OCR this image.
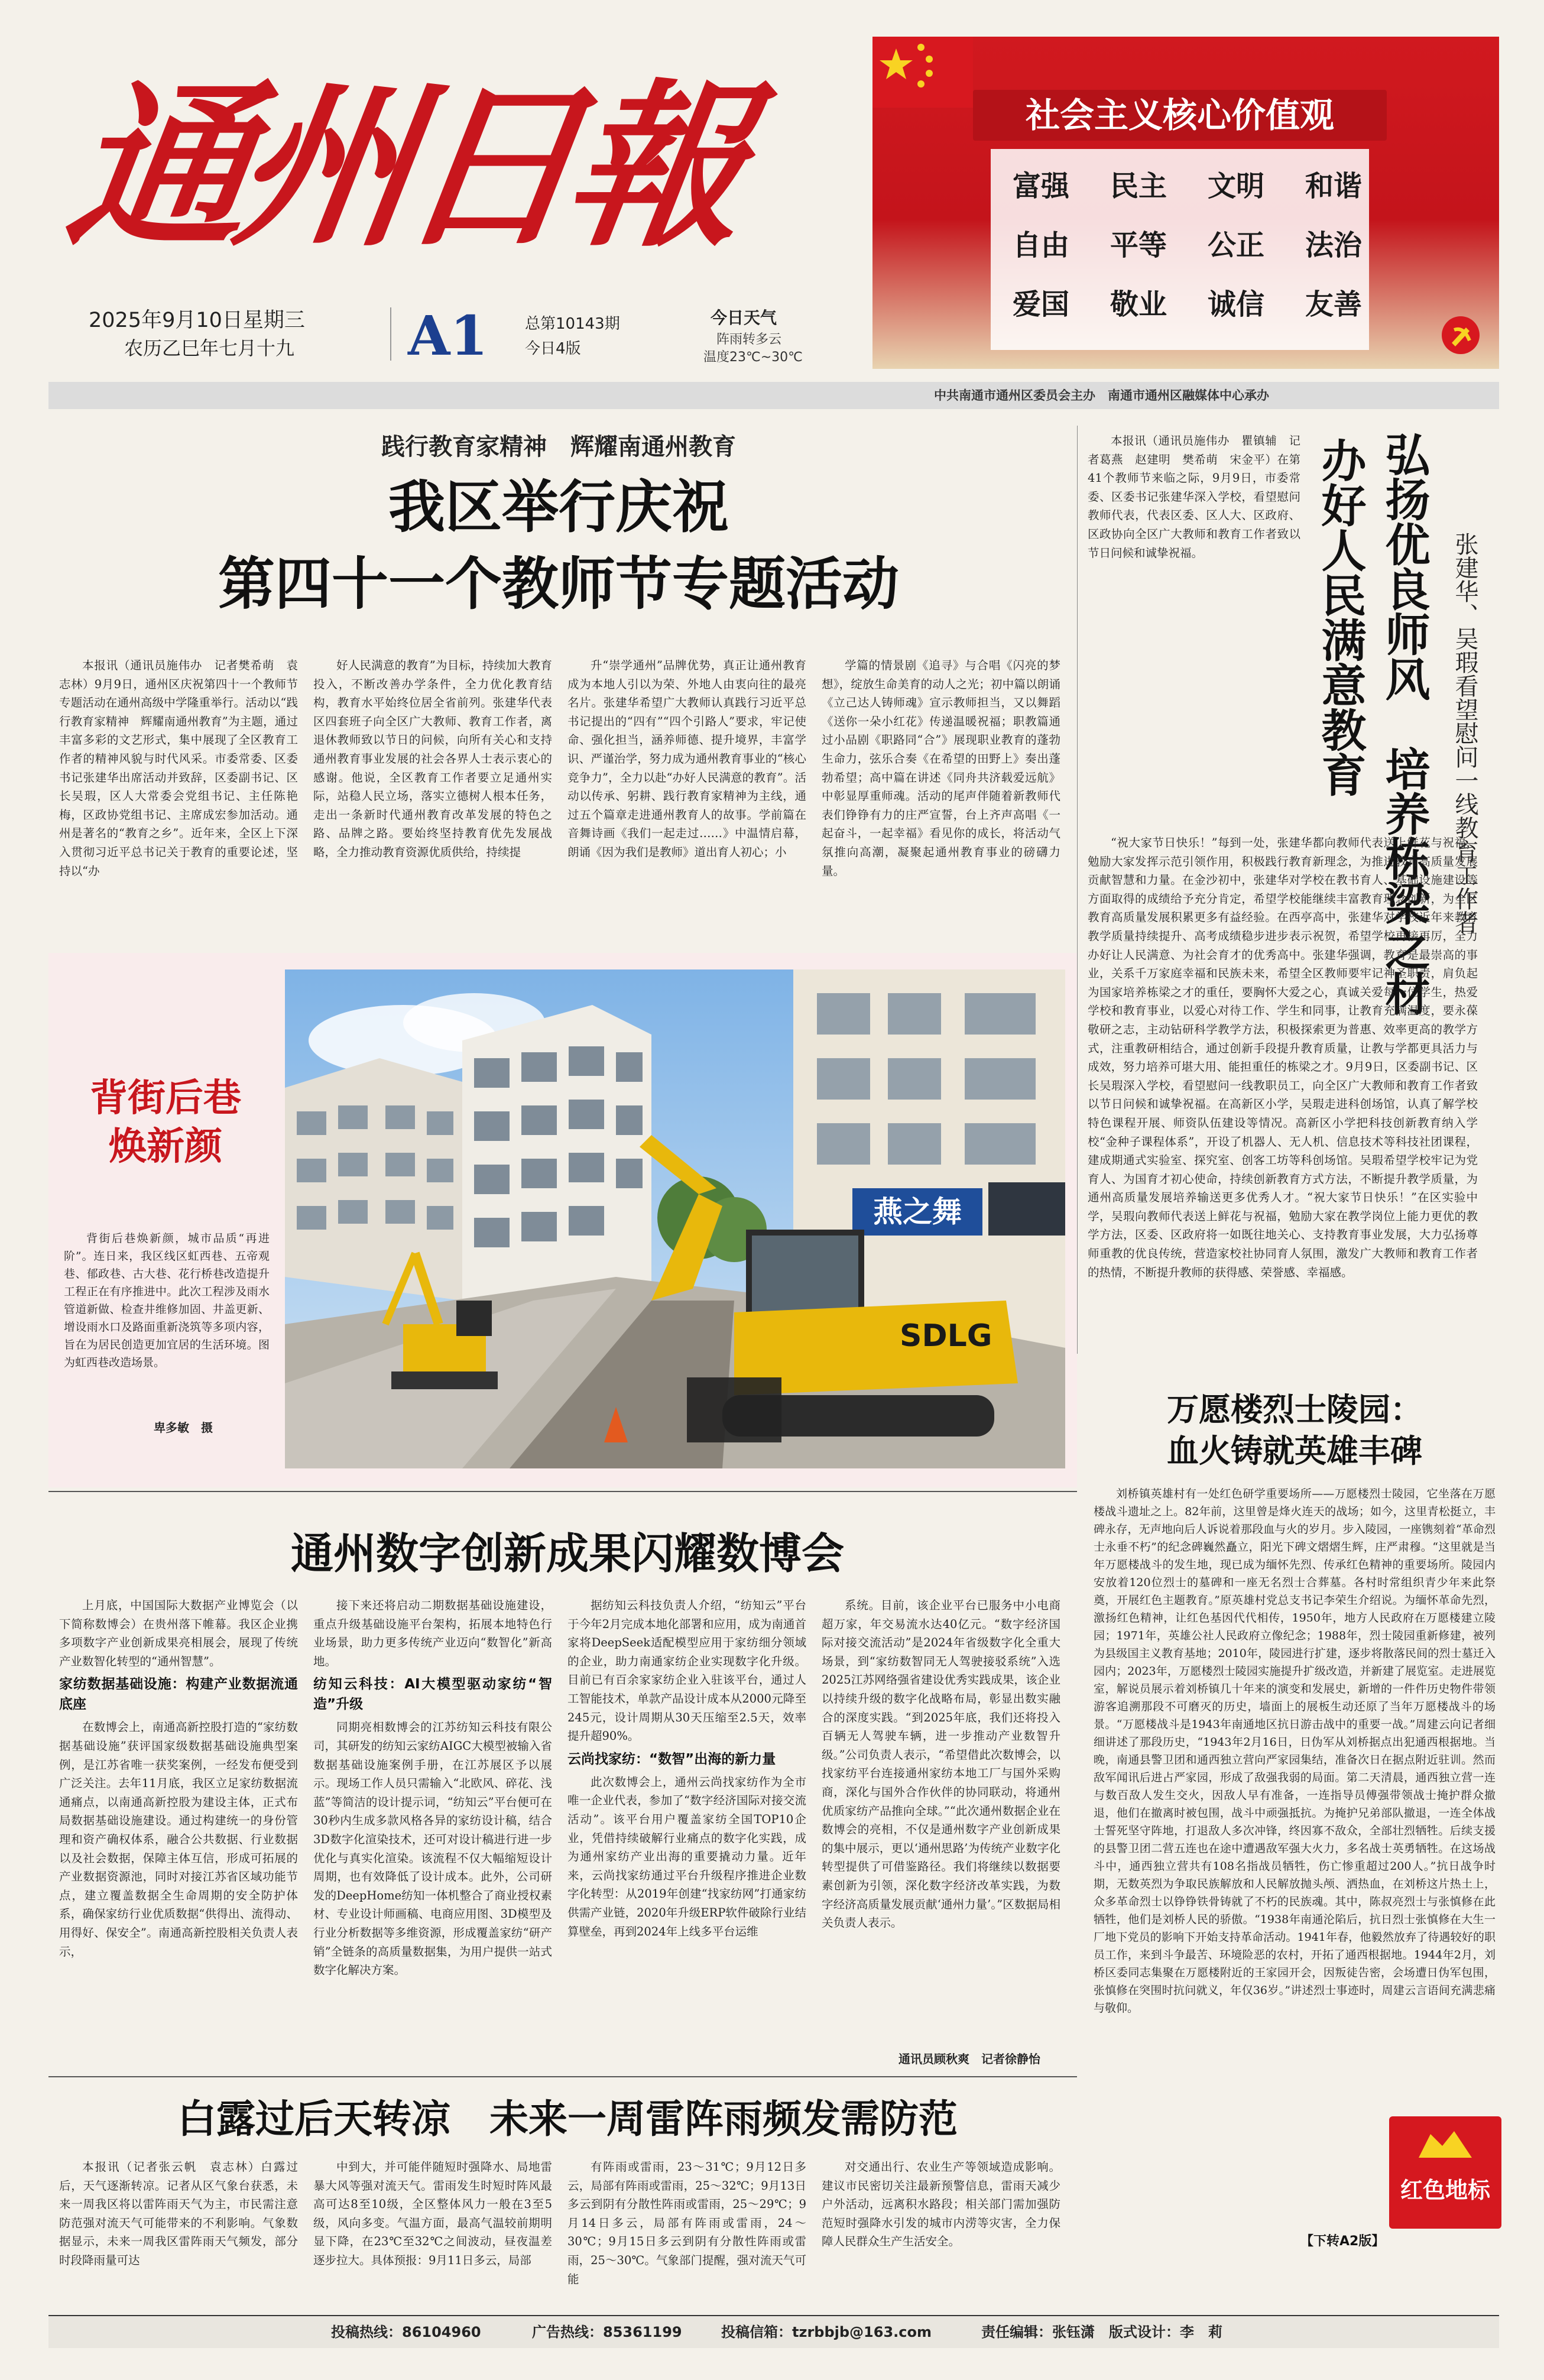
通州日報
2025年9月10日星期三
农历乙巳年七月十九 A1 总第10143期
今日4版
今日天气
阵雨转多云
温度23℃~30℃
社会主义核心价值观
富强	民主	文明	和谐
自由	平等	公正	法治
爱国	敬业	诚信	友善
中共南通市通州区委员会主办　南通市通州区融媒体中心承办
践行教育家精神　辉耀南通州教育
我区举行庆祝
第四十一个教师节专题活动

本报讯（通讯员施伟办　记者樊希萌　袁志林）9月9日，通州区庆祝第四十一个教师节专题活动在通州高级中学隆重举行。活动以“践行教育家精神　辉耀南通州教育”为主题，通过丰富多彩的文艺形式，集中展现了全区教育工作者的精神风貌与时代风采。市委常委、区委书记张建华出席活动并致辞，区委副书记、区长吴瑕，区人大常委会党组书记、主任陈艳梅，区政协党组书记、主席成宏参加活动。通州是著名的“教育之乡”。近年来，全区上下深入贯彻习近平总书记关于教育的重要论述，坚持以“办

好人民满意的教育”为目标，持续加大教育投入，不断改善办学条件，全力优化教育结构，教育水平始终位居全省前列。张建华代表区四套班子向全区广大教师、教育工作者，离退休教师致以节日的问候，向所有关心和支持通州教育事业发展的社会各界人士表示衷心的感谢。他说，全区教育工作者要立足通州实际，站稳人民立场，落实立德树人根本任务，走出一条新时代通州教育改革发展的特色之路、品牌之路。要始终坚持教育优先发展战略，全力推动教育资源优质供给，持续提

升“崇学通州”品牌优势，真正让通州教育成为本地人引以为荣、外地人由衷向往的最亮名片。张建华希望广大教师认真践行习近平总书记提出的“四有”“四个引路人”要求，牢记使命、强化担当，涵养师德、提升境界，丰富学识、严谨治学，努力成为通州教育事业的“核心竞争力”，全力以赴“办好人民满意的教育”。活动以传承、躬耕、践行教育家精神为主线，通过五个篇章走进通州教育人的故事。学前篇在音舞诗画《我们一起走过……》中温情启幕，朗诵《因为我们是教师》道出育人初心；小

学篇的情景剧《追寻》与合唱《闪亮的梦想》，绽放生命美育的动人之光；初中篇以朗诵《立己达人铸师魂》宣示教师担当，又以舞蹈《送你一朵小红花》传递温暖祝福；职教篇通过小品剧《职路同“合”》展现职业教育的蓬勃生命力，弦乐合奏《在希望的田野上》奏出蓬勃希望；高中篇在讲述《同舟共济载爱远航》中彰显厚重师魂。活动的尾声伴随着新教师代表们铮铮有力的庄严宣誓，台上齐声高唱《一起奋斗，一起幸福》看见你的成长，将活动气氛推向高潮，凝聚起通州教育事业的磅礴力量。	弘扬优良师风　培养栋梁之材
办好人民满意教育	张建华、吴瑕看望慰问一线教育工作者

本报讯（通讯员施伟办　瞿镇辅　记者葛燕　赵建明　樊希萌　宋金平）在第41个教师节来临之际，9月9日，市委常委、区委书记张建华深入学校，看望慰问教师代表，代表区委、区人大、区政府、区政协向全区广大教师和教育工作者致以节日问候和诚挚祝福。

“祝大家节日快乐！”每到一处，张建华都向教师代表送上鲜花与祝福，勉励大家发挥示范引领作用，积极践行教育新理念，为推进教育高质量发展贡献智慧和力量。在金沙初中，张建华对学校在教书育人、基础设施建设等方面取得的成绩给予充分肯定，希望学校能继续丰富教育理念创新，为全区教育高质量发展积累更多有益经验。在西亭高中，张建华对学校近年来教育教学质量持续提升、高考成绩稳步进步表示祝贺，希望学校再接再厉，全力办好让人民满意、为社会育才的优秀高中。张建华强调，教育是最崇高的事业，关系千万家庭幸福和民族未来，希望全区教师要牢记神圣职责，肩负起为国家培养栋梁之才的重任，要胸怀大爱之心，真诚关爱每一位学生，热爱学校和教育事业，以爱心对待工作、学生和同事，让教育充满温度，要永葆敬研之志，主动钻研科学教学方法，积极探索更为普惠、效率更高的教学方式，注重教研相结合，通过创新手段提升教育质量，让教与学都更具活力与成效，努力培养可堪大用、能担重任的栋梁之才。9月9日，区委副书记、区长吴瑕深入学校，看望慰问一线教职员工，向全区广大教师和教育工作者致以节日问候和诚挚祝福。在高新区小学，吴瑕走进科创场馆，认真了解学校特色课程开展、师资队伍建设等情况。高新区小学把科技创新教育纳入学校“金种子课程体系”，开设了机器人、无人机、信息技术等科技社团课程，建成期通式实验室、探究室、创客工坊等科创场馆。吴瑕希望学校牢记为党育人、为国育才初心使命，持续创新教育方式方法，不断提升教学质量，为通州高质量发展培养输送更多优秀人才。“祝大家节日快乐！”在区实验中学，吴瑕向教师代表送上鲜花与祝福，勉励大家在教学岗位上能力更优的教学方法，区委、区政府将一如既往地关心、支持教育事业发展，大力弘扬尊师重教的优良传统，营造家校社协同育人氛围，激发广大教师和教育工作者的热情，不断提升教师的获得感、荣誉感、幸福感。

背街后巷
焕新颜

背街后巷焕新颜，城市品质“再进阶”。连日来，我区线区虹西巷、五帝观巷、郁政巷、古大巷、花行桥巷改造提升工程正在有序推进中。此次工程涉及雨水管道新做、检查井维修加固、井盖更新、增设雨水口及路面重新浇筑等多项内容，旨在为居民创造更加宜居的生活环境。图为虹西巷改造场景。

卑多敏　摄
燕之舞
SDLG
E660F
万愿楼烈士陵园：
血火铸就英雄丰碑

刘桥镇英雄村有一处红色研学重要场所——万愿楼烈士陵园，它坐落在万愿楼战斗遗址之上。82年前，这里曾是烽火连天的战场；如今，这里青松挺立，丰碑永存，无声地向后人诉说着那段血与火的岁月。步入陵园，一座镌刻着“革命烈士永垂不朽”的纪念碑巍然矗立，阳光下碑文熠熠生辉，庄严肃穆。“这里就是当年万愿楼战斗的发生地，现已成为缅怀先烈、传承红色精神的重要场所。陵园内安放着120位烈士的墓碑和一座无名烈士合葬墓。各村时常组织青少年来此祭奠，开展红色主题教育。”原英雄村党总支书记李荣生介绍说。为缅怀革命先烈，激扬红色精神，让红色基因代代相传，1950年，地方人民政府在万愿楼建立陵园；1971年，英雄公社人民政府立像纪念；1988年，烈士陵园重新修建，被列为县级国主义教育基地；2010年，陵园进行扩建，逐步将散落民间的烈士墓迁入园内；2023年，万愿楼烈士陵园实施提升扩级改造，并新建了展览室。走进展览室，解说员展示着刘桥镇几十年来的演变和发展史，新增的一件件历史物件带领游客追溯那段不可磨灭的历史，墙面上的展板生动还原了当年万愿楼战斗的场景。“万愿楼战斗是1943年南通地区抗日游击战中的重要一战。”周建云向记者细细讲述了那段历史，“1943年2月16日，日伪军从刘桥据点出犯通西根据地。当晚，南通县警卫团和通西独立营向严家园集结，准备次日在据点附近驻训。然而敌军闻讯后进占严家园，形成了敌强我弱的局面。第二天清晨，通西独立营一连与数百敌人发生交火，因敌人早有准备，一连指导员傅强带领战士掩护群众撤退，他们在撤离时被包围，战斗中顽强抵抗。为掩护兄弟部队撤退，一连全体战士誓死坚守阵地，打退敌人多次冲锋，终因寡不敌众，全部壮烈牺牲。后续支援的县警卫团二营五连也在途中遭遇敌军强大火力，多名战士英勇牺牲。在这场战斗中，通西独立营共有108名指战员牺牲，伤亡惨重超过200人。”抗日战争时期，无数英烈为争取民族解放和人民解放抛头颅、洒热血，在刘桥这片热土上，众多革命烈士以铮铮铁骨铸就了不朽的民族魂。其中，陈叔亮烈士与张慎修在此牺牲，他们是刘桥人民的骄傲。“1938年南通沦陷后，抗日烈士张慎修在大生一厂地下党员的影响下开始支持革命活动。1941年春，他毅然放弃了待遇较好的职员工作，来到斗争最苦、环境险恶的农村，开拓了通西根据地。1944年2月，刘桥区委同志集聚在万愿楼附近的王家园开会，因叛徒告密，会场遭日伪军包围，张慎修在突围时抗问就义，年仅36岁。”讲述烈士事迹时，周建云言语间充满悲痛与敬仰。

红色地标
【下转A2版】
通州数字创新成果闪耀数博会

上月底，中国国际大数据产业博览会（以下简称数博会）在贵州落下帷幕。我区企业携多项数字产业创新成果亮相展会，展现了传统产业数智化转型的“通州智慧”。

家纺数据基础设施：构建产业数据流通底座

在数博会上，南通高新控股打造的“家纺数据基础设施”获评国家级数据基础设施典型案例，是江苏省唯一获奖案例，一经发布便受到广泛关注。去年11月底，我区立足家纺数据流通痛点，以南通高新控股为建设主体，正式布局数据基础设施建设。通过构建统一的身份管理和资产确权体系，融合公共数据、行业数据以及社会数据，保障主体互信，形成可拓展的产业数据资源池，同时对接江苏省区域功能节点，建立覆盖数据全生命周期的安全防护体系，确保家纺行业优质数据“供得出、流得动、用得好、保安全”。南通高新控股相关负责人表示，

接下来还将启动二期数据基础设施建设，重点升级基础设施平台架构，拓展本地特色行业场景，助力更多传统产业迈向“数智化”新高地。

纺知云科技：AI大模型驱动家纺“智造”升级

同期亮相数博会的江苏纺知云科技有限公司，其研发的纺知云家纺AIGC大模型被输入省数据基础设施案例手册，在江苏展区予以展示。现场工作人员只需输入“北欧风、碎花、浅蓝”等简洁的设计提示词，“纺知云”平台便可在30秒内生成多款风格各异的家纺设计稿，结合3D数字化渲染技术，还可对设计稿进行进一步优化与真实化渲染。该流程不仅大幅缩短设计周期，也有效降低了设计成本。此外，公司研发的DeepHome纺知一体机整合了商业授权素材、专业设计师画稿、电商应用图、3D模型及行业分析数据等多维资源，形成覆盖家纺“研产销”全链条的高质量数据集，为用户提供一站式数字化解决方案。

据纺知云科技负责人介绍，“纺知云”平台于今年2月完成本地化部署和应用，成为南通首家将DeepSeek适配模型应用于家纺细分领域的企业，助力南通家纺企业实现数字化升级。目前已有百余家家纺企业入驻该平台，通过人工智能技术，单款产品设计成本从2000元降至245元，设计周期从30天压缩至2.5天，效率提升超90%。

云尚找家纺：“数智”出海的新力量

此次数博会上，通州云尚找家纺作为全市唯一企业代表，参加了“数字经济国际对接交流活动”。该平台用户覆盖家纺全国TOP10企业，凭借持续破解行业痛点的数字化实践，成为通州家纺产业出海的重要撬动力量。近年来，云尚找家纺通过平台升级程序推进企业数字化转型：从2019年创建“找家纺网”打通家纺供需产业链，2020年升级ERP软件破除行业结算壁垒，再到2024年上线多平台运维

系统。目前，该企业平台已服务中小电商超万家，年交易流水达40亿元。“数字经济国际对接交流活动”是2024年省级数字化全重大场景，到“家纺数智同无人驾驶接驳系统”入选2025江苏网络强省建设优秀实践成果，该企业以持续升级的数字化战略布局，彰显出数实融合的深度实践。“到2025年底，我们还将投入百辆无人驾驶车辆，进一步推动产业数智升级。”公司负责人表示，“希望借此次数博会，以找家纺平台连接通州家纺本地工厂与国外采购商，深化与国外合作伙伴的协同联动，将通州优质家纺产品推向全球。”“此次通州数据企业在数博会的亮相，不仅是通州数字产业创新成果的集中展示，更以‘通州思路’为传统产业数字化转型提供了可借鉴路径。我们将继续以数据要素创新为引领，深化数字经济改革实践，为数字经济高质量发展贡献‘通州力量’。”区数据局相关负责人表示。

通讯员顾秋爽　记者徐静怡
白露过后天转凉　未来一周雷阵雨频发需防范

本报讯（记者张云帆　袁志林）白露过后，天气逐渐转凉。记者从区气象台获悉，未来一周我区将以雷阵雨天气为主，市民需注意防范强对流天气可能带来的不利影响。气象数据显示，未来一周我区雷阵雨天气频发，部分时段降雨量可达

中到大，并可能伴随短时强降水、局地雷暴大风等强对流天气。雷雨发生时短时阵风最高可达8至10级，全区整体风力一般在3至5级，风向多变。气温方面，最高气温较前期明显下降，在23℃至32℃之间波动，昼夜温差逐步拉大。具体预报：9月11日多云，局部

有阵雨或雷雨，23～31℃；9月12日多云，局部有阵雨或雷雨，25～32℃；9月13日多云到阴有分散性阵雨或雷雨，25～29℃；9月14日多云，局部有阵雨或雷雨，24～30℃；9月15日多云到阴有分散性阵雨或雷雨，25～30℃。气象部门提醒，强对流天气可能

对交通出行、农业生产等领域造成影响。建议市民密切关注最新预警信息，雷雨天减少户外活动，远离积水路段；相关部门需加强防范短时强降水引发的城市内涝等灾害，全力保障人民群众生产生活安全。

投稿热线：86104960	广告热线：85361199	投稿信箱：tzrbbjb@163.com	责任编辑：张钰潇　版式设计：李　莉
